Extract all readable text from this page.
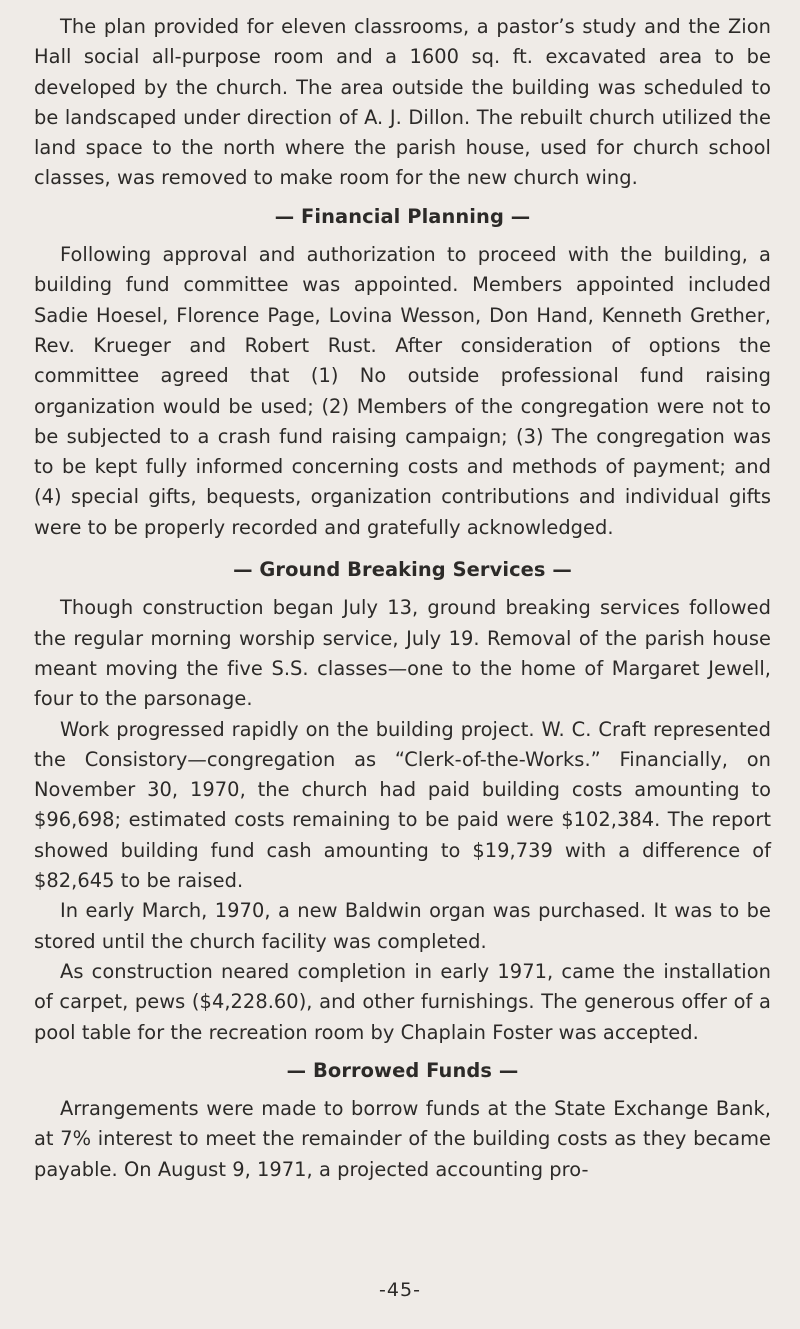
The plan provided for eleven classrooms, a pastor’s study and the Zion Hall social all-purpose room and a 1600 sq. ft. excavated area to be developed by the church. The area outside the building was scheduled to be landscaped under direction of A. J. Dillon. The rebuilt church utilized the land space to the north where the parish house, used for church school classes, was removed to make room for the new church wing.

— Financial Planning —

Following approval and authorization to proceed with the building, a building fund committee was appointed. Members appointed included Sadie Hoesel, Florence Page, Lovina Wesson, Don Hand, Kenneth Grether, Rev. Krueger and Robert Rust. After consideration of options the committee agreed that (1) No outside professional fund raising organization would be used; (2) Members of the congregation were not to be subjected to a crash fund raising campaign; (3) The congregation was to be kept fully informed concerning costs and methods of payment; and (4) special gifts, bequests, organization contributions and individual gifts were to be properly recorded and gratefully acknowledged.

— Ground Breaking Services —

Though construction began July 13, ground breaking services followed the regular morning worship service, July 19. Removal of the parish house meant moving the five S.S. classes—one to the home of Margaret Jewell, four to the parsonage.

Work progressed rapidly on the building project. W. C. Craft represented the Consistory—congregation as “Clerk-of-the-Works.” Financially, on November 30, 1970, the church had paid building costs amounting to $96,698; estimated costs remaining to be paid were $102,384. The report showed building fund cash amounting to $19,739 with a difference of $82,645 to be raised.

In early March, 1970, a new Baldwin organ was purchased. It was to be stored until the church facility was completed.

As construction neared completion in early 1971, came the installation of carpet, pews ($4,228.60), and other furnishings. The generous offer of a pool table for the recreation room by Chaplain Foster was accepted.

— Borrowed Funds —

Arrangements were made to borrow funds at the State Exchange Bank, at 7% interest to meet the remainder of the building costs as they became payable. On August 9, 1971, a projected accounting pro-

-45-
